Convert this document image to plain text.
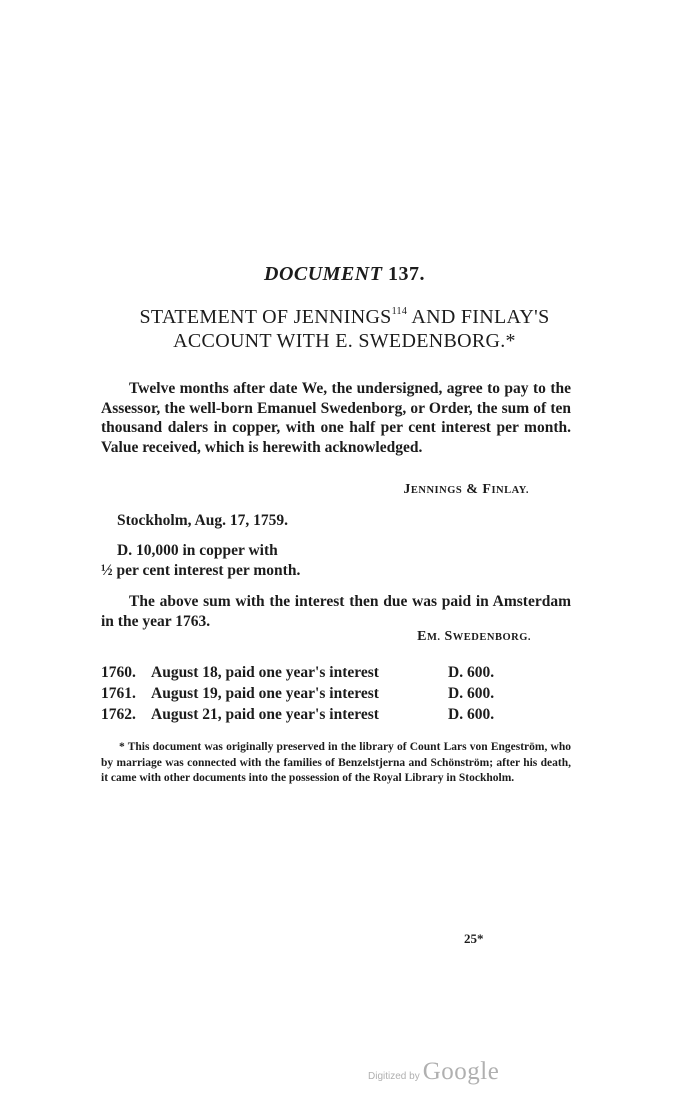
DOCUMENT 137.
STATEMENT OF JENNINGS$^{114}$ AND FINLAY'S
ACCOUNT WITH E. SWEDENBORG.*
Twelve months after date We, the undersigned, agree to pay to the Assessor, the well-born Emanuel Swedenborg, or Order, the sum of ten thousand dalers in copper, with one half per cent interest per month. Value received, which is herewith acknowledged.
JENNINGS & FINLAY.
Stockholm, Aug. 17, 1759.
D. 10,000 in copper with
½ per cent interest per month.
The above sum with the interest then due was paid in Amsterdam in the year 1763.
EM. SWEDENBORG.
1760. August 18, paid one year's interest	D. 600.
1761. August 19, paid one year's interest	D. 600.
1762. August 21, paid one year's interest	D. 600.
* This document was originally preserved in the library of Count Lars von Engeström, who by marriage was connected with the families of Benzelstjerna and Schönström; after his death, it came with other documents into the possession of the Royal Library in Stockholm.
25*
Digitized by Google
